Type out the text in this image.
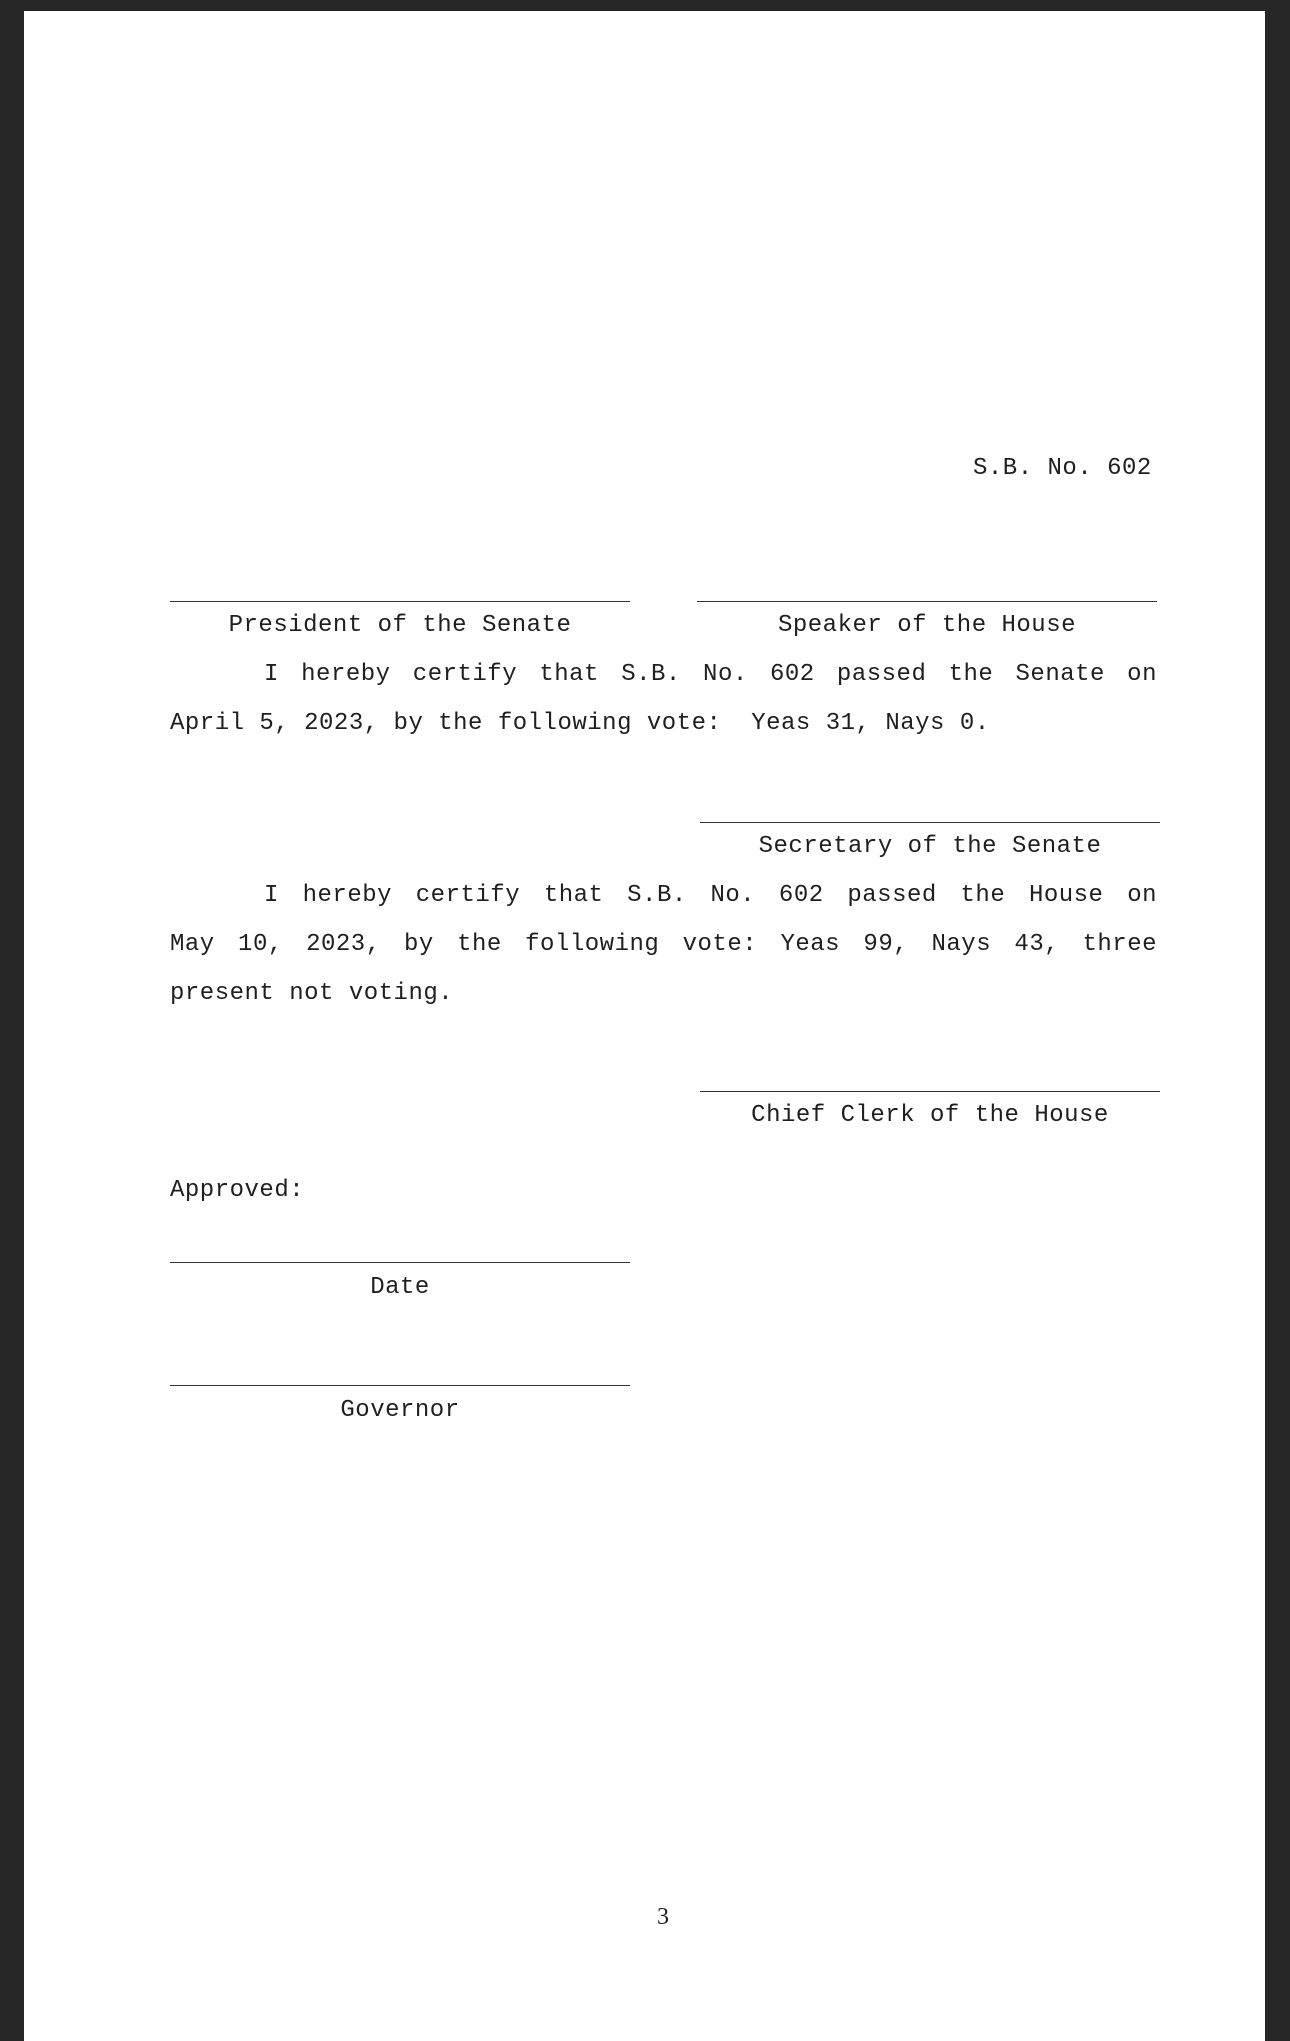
S.B. No. 602
President of the Senate	Speaker of the House
I hereby certify that S.B. No. 602 passed the Senate on
April 5, 2023, by the following vote:  Yeas 31, Nays 0.
Secretary of the Senate
I hereby certify that S.B. No. 602 passed the House on
May 10, 2023, by the following vote: Yeas 99, Nays 43, three
present not voting.
Chief Clerk of the House
Approved:
Date
Governor
3
